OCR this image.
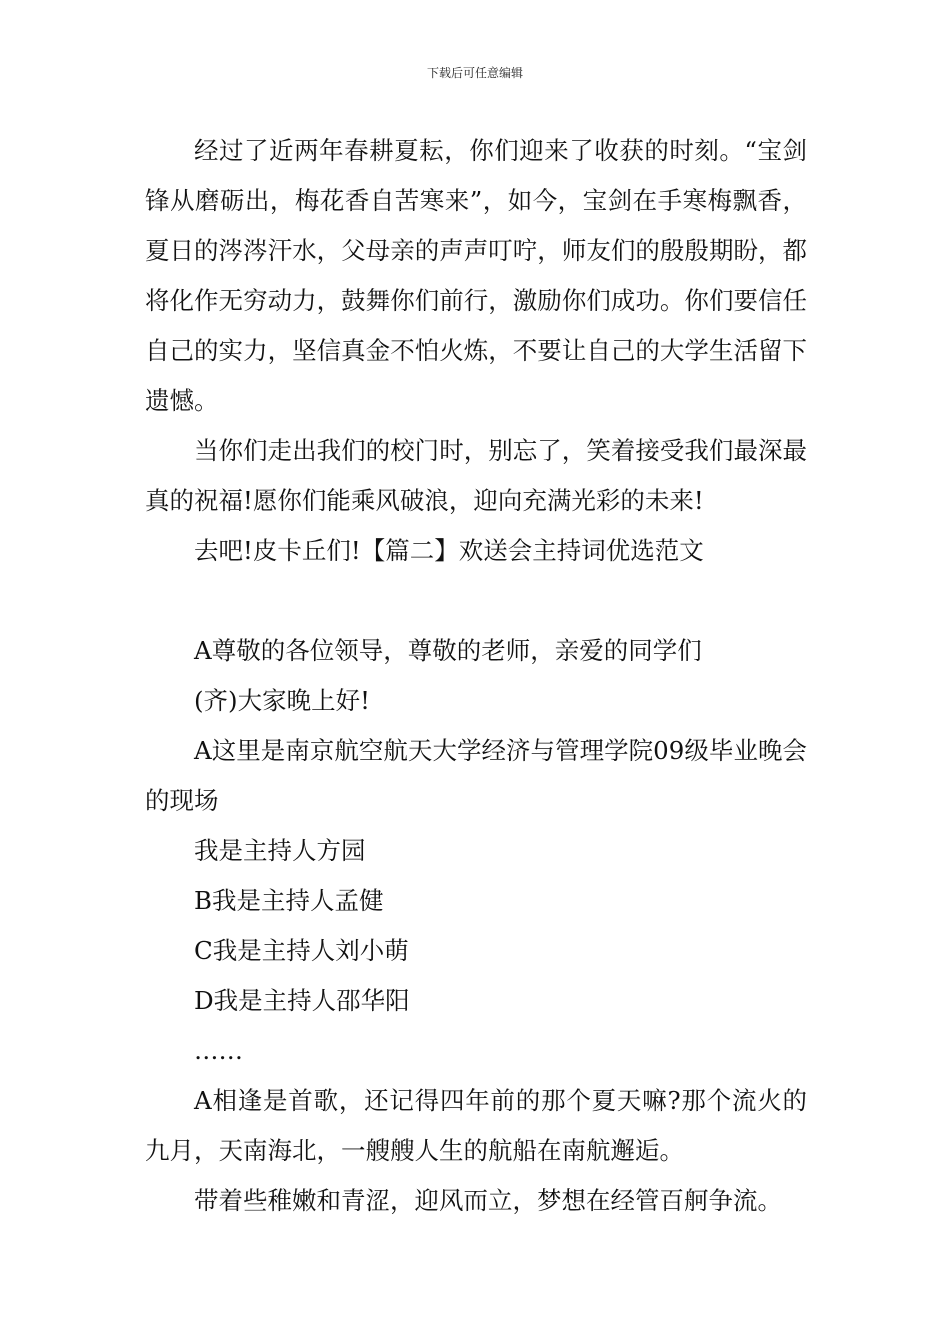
下载后可任意编辑

经过了近两年春耕夏耘，你们迎来了收获的时刻。“宝剑锋从磨砺出，梅花香自苦寒来”，如今，宝剑在手寒梅飘香，夏日的涔涔汗水，父母亲的声声叮咛，师友们的殷殷期盼，都将化作无穷动力，鼓舞你们前行，激励你们成功。你们要信任自己的实力，坚信真金不怕火炼，不要让自己的大学生活留下遗憾。

当你们走出我们的校门时，别忘了，笑着接受我们最深最真的祝福!愿你们能乘风破浪，迎向充满光彩的未来!

去吧!皮卡丘们!【篇二】欢送会主持词优选范文

A尊敬的各位领导，尊敬的老师，亲爱的同学们

(齐)大家晚上好!

A这里是南京航空航天大学经济与管理学院09级毕业晚会的现场

我是主持人方园

B我是主持人孟健

C我是主持人刘小萌

D我是主持人邵华阳

……

A相逢是首歌，还记得四年前的那个夏天嘛?那个流火的九月，天南海北，一艘艘人生的航船在南航邂逅。

带着些稚嫩和青涩，迎风而立，梦想在经管百舸争流。
